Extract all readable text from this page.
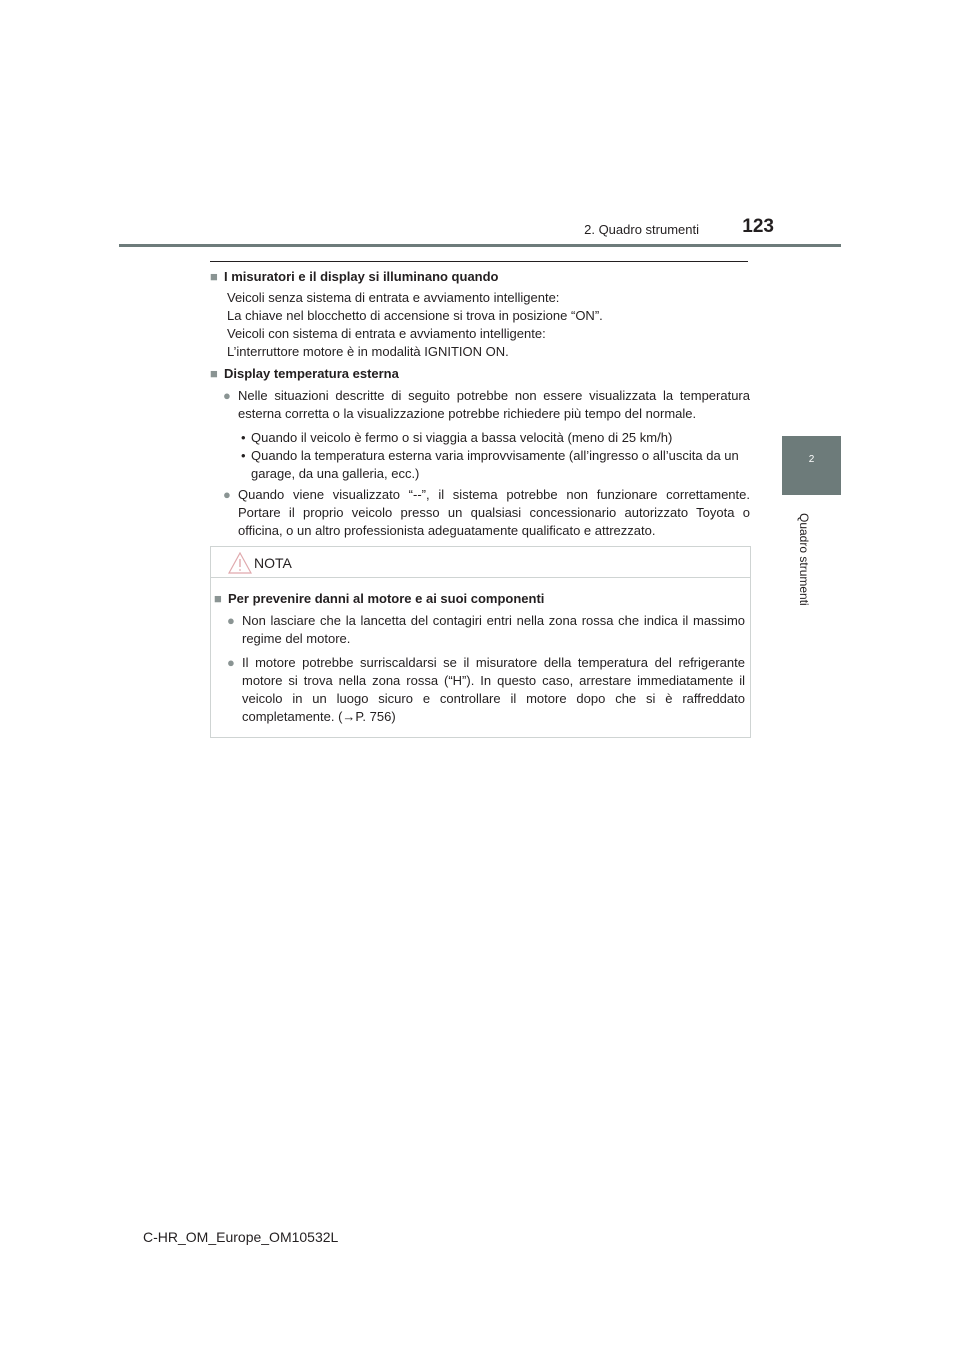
2. Quadro strumenti	123
2
Quadro strumenti
■ I misuratori e il display si illuminano quando
Veicoli senza sistema di entrata e avviamento intelligente:
La chiave nel blocchetto di accensione si trova in posizione “ON”.
Veicoli con sistema di entrata e avviamento intelligente:
L’interruttore motore è in modalità IGNITION ON.
■ Display temperatura esterna
● Nelle situazioni descritte di seguito potrebbe non essere visualizzata la temperatura esterna corretta o la visualizzazione potrebbe richiedere più tempo del normale.
• Quando il veicolo è fermo o si viaggia a bassa velocità (meno di 25 km/h)
• Quando la temperatura esterna varia improvvisamente (all’ingresso o all’uscita da un garage, da una galleria, ecc.)
● Quando viene visualizzato “--”, il sistema potrebbe non funzionare correttamente. Portare il proprio veicolo presso un qualsiasi concessionario autorizzato Toyota o officina, o un altro professionista adeguatamente qualificato e attrezzato.
NOTA
■ Per prevenire danni al motore e ai suoi componenti
● Non lasciare che la lancetta del contagiri entri nella zona rossa che indica il massimo regime del motore.
● Il motore potrebbe surriscaldarsi se il misuratore della temperatura del refrigerante motore si trova nella zona rossa (“H”). In questo caso, arrestare immediatamente il veicolo in un luogo sicuro e controllare il motore dopo che si è raffreddato completamente. (→P. 756)
C-HR_OM_Europe_OM10532L
